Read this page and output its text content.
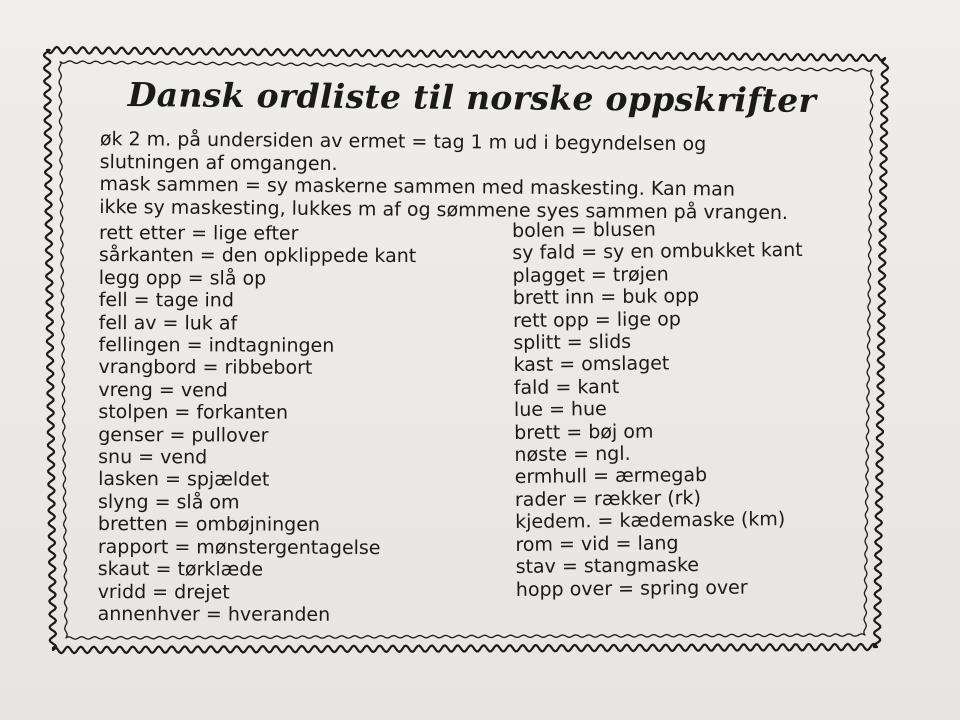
Dansk ordliste til norske oppskrifter

øk 2 m. på undersiden av ermet = tag 1 m ud i begyndelsen og

slutningen af omgangen.

mask sammen = sy maskerne sammen med maskesting. Kan man

ikke sy maskesting, lukkes m af og sømmene syes sammen på vrangen.

rett etter = lige efter
sårkanten = den opklippede kant
legg opp = slå op
fell = tage ind
fell av = luk af
fellingen = indtagningen
vrangbord = ribbebort
vreng = vend
stolpen = forkanten
genser = pullover
snu = vend
lasken = spjældet
slyng = slå om
bretten = ombøjningen
rapport = mønstergentagelse
skaut = tørklæde
vridd = drejet
annenhver = hveranden
bolen = blusen
sy fald = sy en ombukket kant
plagget = trøjen
brett inn = buk opp
rett opp = lige op
splitt = slids
kast = omslaget
fald = kant
lue = hue
brett = bøj om
nøste = ngl.
ermhull = ærmegab
rader = rækker (rk)
kjedem. = kædemaske (km)
rom = vid = lang
stav = stangmaske
hopp over = spring over
